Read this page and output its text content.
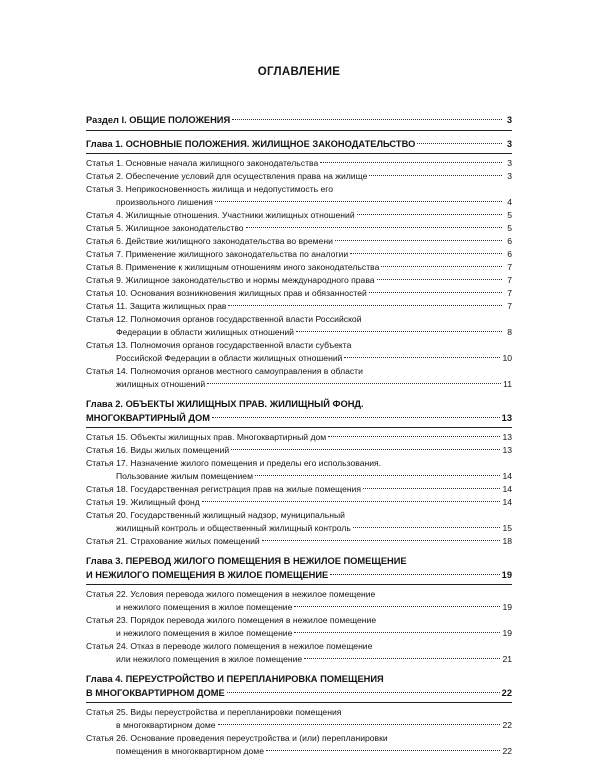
ОГЛАВЛЕНИЕ
Раздел I. ОБЩИЕ ПОЛОЖЕНИЯ	3
Глава 1. ОСНОВНЫЕ ПОЛОЖЕНИЯ. ЖИЛИЩНОЕ ЗАКОНОДАТЕЛЬСТВО	3
Статья 1. Основные начала жилищного законодательства	3
Статья 2. Обеспечение условий для осуществления права на жилище	3
Статья 3. Неприкосновенность жилища и недопустимость его
произвольного лишения	4
Статья 4. Жилищные отношения. Участники жилищных отношений	5
Статья 5. Жилищное законодательство	5
Статья 6. Действие жилищного законодательства во времени	6
Статья 7. Применение жилищного законодательства по аналогии	6
Статья 8. Применение к жилищным отношениям иного законодательства	7
Статья 9. Жилищное законодательство и нормы международного права	7
Статья 10. Основания возникновения жилищных прав и обязанностей	7
Статья 11. Защита жилищных прав	7
Статья 12. Полномочия органов государственной власти Российской
Федерации в области жилищных отношений	8
Статья 13. Полномочия органов государственной власти субъекта
Российской Федерации в области жилищных отношений	10
Статья 14. Полномочия органов местного самоуправления в области
жилищных отношений	11
Глава 2. ОБЪЕКТЫ ЖИЛИЩНЫХ ПРАВ. ЖИЛИЩНЫЙ ФОНД.
МНОГОКВАРТИРНЫЙ ДОМ	13
Статья 15. Объекты жилищных прав. Многоквартирный дом	13
Статья 16. Виды жилых помещений	13
Статья 17. Назначение жилого помещения и пределы его использования.
Пользование жилым помещением	14
Статья 18. Государственная регистрация прав на жилые помещения	14
Статья 19. Жилищный фонд	14
Статья 20. Государственный жилищный надзор, муниципальный
жилищный контроль и общественный жилищный контроль	15
Статья 21. Страхование жилых помещений	18
Глава 3. ПЕРЕВОД ЖИЛОГО ПОМЕЩЕНИЯ В НЕЖИЛОЕ ПОМЕЩЕНИЕ
И НЕЖИЛОГО ПОМЕЩЕНИЯ В ЖИЛОЕ ПОМЕЩЕНИЕ	19
Статья 22. Условия перевода жилого помещения в нежилое помещение
и нежилого помещения в жилое помещение	19
Статья 23. Порядок перевода жилого помещения в нежилое помещение
и нежилого помещения в жилое помещение	19
Статья 24. Отказ в переводе жилого помещения в нежилое помещение
или нежилого помещения в жилое помещение	21
Глава 4. ПЕРЕУСТРОЙСТВО И ПЕРЕПЛАНИРОВКА ПОМЕЩЕНИЯ
В МНОГОКВАРТИРНОМ ДОМЕ	22
Статья 25. Виды переустройства и перепланировки помещения
в многоквартирном доме	22
Статья 26. Основание проведения переустройства и (или) перепланировки
помещения в многоквартирном доме	22
